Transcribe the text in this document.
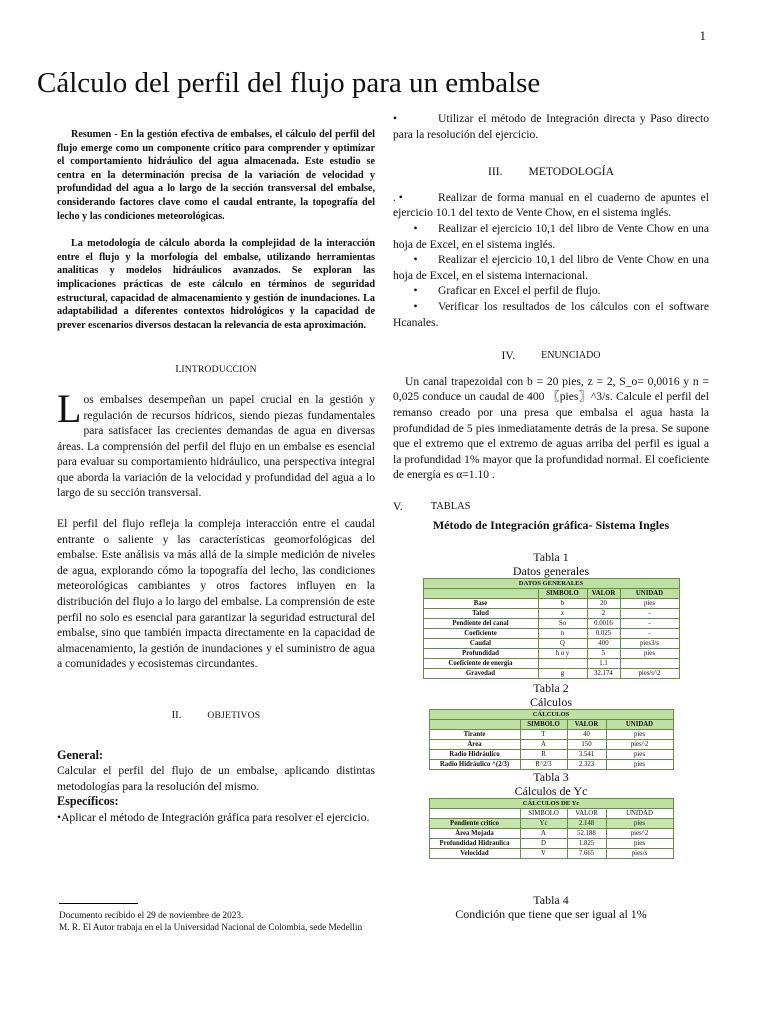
1
Cálculo del perfil del flujo para un embalse

Resumen - En la gestión efectiva de embalses, el cálculo del perfil del flujo emerge como un componente crítico para comprender y optimizar el comportamiento hidráulico del agua almacenada. Este estudio se centra en la determinación precisa de la variación de velocidad y profundidad del agua a lo largo de la sección transversal del embalse, considerando factores clave como el caudal entrante, la topografía del lecho y las condiciones meteorológicas.

La metodología de cálculo aborda la complejidad de la interacción entre el flujo y la morfología del embalse, utilizando herramientas analíticas y modelos hidráulicos avanzados. Se exploran las implicaciones prácticas de este cálculo en términos de seguridad estructural, capacidad de almacenamiento y gestión de inundaciones. La adaptabilidad a diferentes contextos hidrológicos y la capacidad de prever escenarios diversos destacan la relevancia de esta aproximación.

I.INTRODUCCION

Los embalses desempeñan un papel crucial en la gestión y regulación de recursos hídricos, siendo piezas fundamentales para satisfacer las crecientes demandas de agua en diversas áreas. La comprensión del perfil del flujo en un embalse es esencial para evaluar su comportamiento hidráulico, una perspectiva integral que aborda la variación de la velocidad y profundidad del agua a lo largo de su sección transversal.

El perfil del flujo refleja la compleja interacción entre el caudal entrante o saliente y las características geomorfológicas del embalse. Este análisis va más allá de la simple medición de niveles de agua, explorando cómo la topografía del lecho, las condiciones meteorológicas cambiantes y otros factores influyen en la distribución del flujo a lo largo del embalse. La comprensión de este perfil no solo es esencial para garantizar la seguridad estructural del embalse, sino que también impacta directamente en la capacidad de almacenamiento, la gestión de inundaciones y el suministro de agua a comunidades y ecosistemas circundantes.

II.	OBJETIVOS
General:

Calcular el perfil del flujo de un embalse, aplicando distintas metodologías para la resolución del mismo.

Específicos:

•Aplicar el método de Integración gráfica para resolver el ejercicio.

Documento recibido el 29 de noviembre de 2023.
M. R. El Autor trabaja en el la Universidad Nacional de Colombia, sede Medellin

•	Utilizar el método de Integración directa y Paso directo para la resolución del ejercicio.

III. METODOLOGÍA

. •	Realizar de forma manual en el cuaderno de apuntes el ejercicio 10.1 del texto de Vente Chow, en el sistema inglés.

• Realizar el ejercicio 10,1 del libro de Vente Chow en una hoja de Excel, en el sistema inglés.

• Realizar el ejercicio 10,1 del libro de Vente Chow en una hoja de Excel, en el sistema internacional.

• Graficar en Excel el perfil de flujo.

• Verificar los resultados de los cálculos con el software Hcanales.

IV.	ENUNCIADO

Un canal trapezoidal con b = 20 pies, z = 2, S_o= 0,0016 y n = 0,025 conduce un caudal de 400 〖pies〗^3/s. Calcule el perfil del remanso creado por una presa que embalsa el agua hasta la profundidad de 5 pies inmediatamente detrás de la presa. Se supone que el extremo que el extremo de aguas arriba del perfil es igual a la profundidad 1% mayor que la profundidad normal. El coeficiente de energía es α=1.10 .

V.	TABLAS
Método de Integración gráfica- Sistema Ingles
Tabla 1
Datos generales
DATOS GENERALES			
	SIMBOLO	VALOR	UNIDAD
Base	b	20	pies
Talud	z	2	-
Pendiente del canal	So	0.0016	-
Coeficiente	n	0.025	-
Caudal	Q	400	pies3/s
Profundidad	h o y	5	pies
Coeficiente de energia		1.1	
Gravedad	g	32.174	pies/s^2
Tabla 2
Cálculos
CÁLCULOS			
	SIMBOLO	VALOR	UNIDAD
Tirante	T	40	pies
Área	A	150	pies^2
Radio Hidráulico	R	3.541	pies
Radio Hidráulico ^(2/3)	R^2/3	2.323	pies
Tabla 3
Cálculos de Yc
CÁLCULOS DE Yc			
	SIMBOLO	VALOR	UNIDAD
Pendiente critico	Yc	2.148	pies
Área Mojada	A	52.188	pies^2
Profundidad Hidraulica	D	1.825	pies
Velocidad	V	7.665	pies/s
Tabla 4
Condición que tiene que ser igual al 1%
